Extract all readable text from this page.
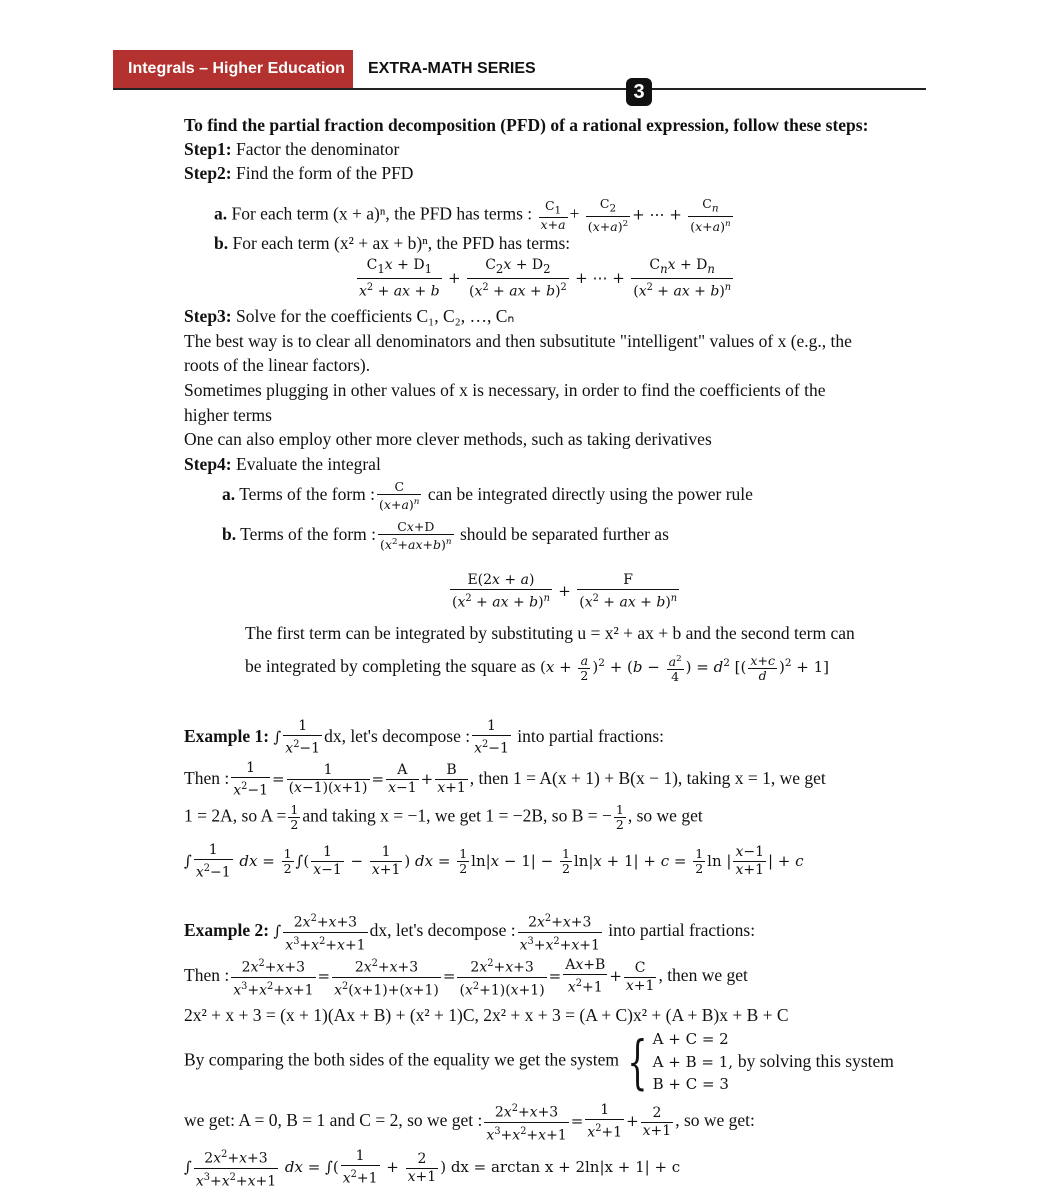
Integrals – Higher Education EXTRA-MATH SERIES
3
To find the partial fraction decomposition (PFD) of a rational expression, follow these steps:
Step1: Factor the denominator
Step2: Find the form of the PFD
a. For each term (x + a)ⁿ, the PFD has terms : $\frac{C_1}{x+a} + \frac{C_2}{(x+a)^2}$ + ⋯ + $\frac{C_n}{(x+a)^n}$
b. For each term (x² + ax + b)ⁿ, the PFD has terms:
$\frac{C_1x + D_1}{x^2 + ax + b} + \frac{C_2x + D_2}{(x^2 + ax + b)^2}$ + ⋯ +
$C_nx + D_n$
($x^2$ + ax + b)$^n$
Step3: Solve for the coefficients C₁, C₂, …, Cₙ
The best way is to clear all denominators and then subsutitute "intelligent" values of x (e.g., the
roots of the linear factors).
Sometimes plugging in other values of x is necessary, in order to find the coefficients of the
higher terms
One can also employ other more clever methods, such as taking derivatives
Step4: Evaluate the integral
a. Terms of the form : $\frac{C}{(x+a)^n}$ can be integrated directly using the power rule
b. Terms of the form : $\frac{Cx+D}{(x^2+ax+b)^n}$ should be separated further as
$\frac{E(2x + a)}{(x^2 + ax + b)^n} + \frac{F}{(x^2 + ax + b)^n}$
The first term can be integrated by substituting u = x² + ax + b and the second term can
be integrated by completing the square as $(x + \frac{a}{2} )^2 + (b - \frac{a^2}{4}$ ) = $d^2$ [( $\frac{x+c}{d} )^2 + 1$]
Example 1: ∫ $\frac{1}{x^2-1}$ dx, let's decompose : $\frac{1}{x^2-1}$ into partial fractions:
Then : $\frac{1}{x^2-1} = \frac{1}{(x-1)(x+1)} = \frac{A}{x-1} + \frac{B}{x+1}$ , then 1 = A(x + 1) + B(x − 1), taking x = 1, we get
1 = 2A, so $A = \frac{1}{2}$ and taking x = −1, we get 1 = −2B, so B = − $\frac{1}{2}$ , so we get
∫ $\frac{1}{x^2-1}$ dx = $\frac{1}{2}$ ∫( $\frac{1}{x-1} - \frac{1}{x+1}$ ) dx = $\frac{1}{2} \ln|x - 1| - \frac{1}{2} \ln|x + 1| + c = \frac{1}{2}$ ln | $\frac{x-1}{x+1}$ | + c
Example 2: ∫ $\frac{2x^2+x+3}{x^3+x^2+x+1}$ dx, let's decompose : $\frac{2x^2+x+3}{x^3+x^2+x+1}$ into partial fractions:
Then : $\frac{2x^2+x+3}{x^3+x^2+x+1} = \frac{2x^2+x+3}{x^2(x+1)+(x+1)} = \frac{2x^2+x+3}{(x^2+1)(x+1)} = \frac{Ax+B}{x^2+1} + \frac{C}{x+1}$ , then we get
2x² + x + 3 = (x + 1)(Ax + B) + (x² + 1)C, 2x² + x + 3 = (A + C)x² + (A + B)x + B + C
By comparing the both sides of the equality we get the system { A + C = 2
A + B = 1, by solving this system
B + C = 3
we get: A = 0, B = 1 and C = 2, so we get : $\frac{2x^2+x+3}{x^3+x^2+x+1} = \frac{1}{x^2+1} + \frac{2}{x+1}$ , so we get:
∫ $\frac{2x^2+x+3}{x^3+x^2+x+1}$ dx = ∫( $\frac{1}{x^2+1} + \frac{2}{x+1}$ ) dx = arctan x + 2ln|x + 1| + c
